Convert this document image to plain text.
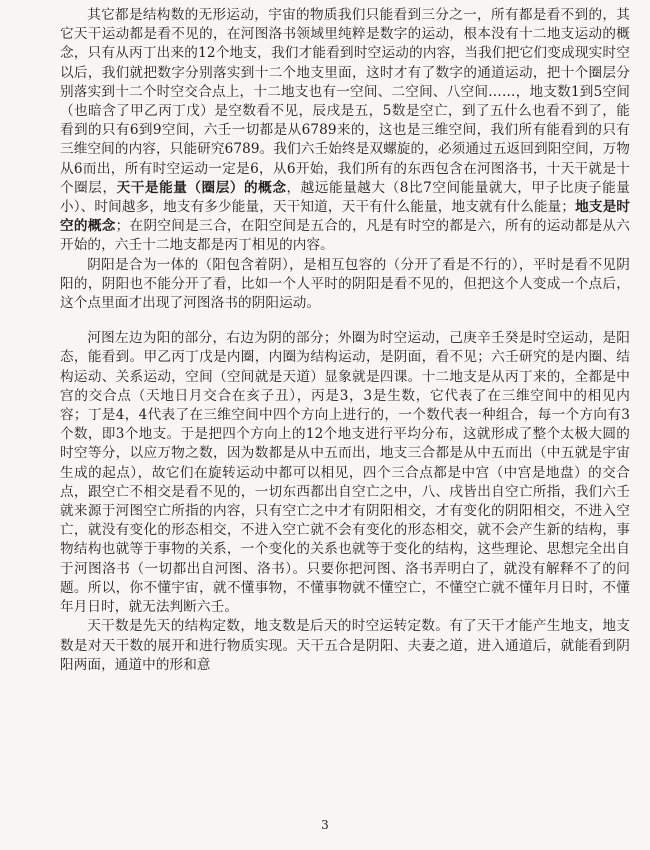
其它都是结构数的无形运动，宇宙的物质我们只能看到三分之一，所有都是看不到的，其它天干运动都是看不见的，在河图洛书领域里纯粹是数字的运动，根本没有十二地支运动的概念，只有从丙丁出来的12个地支，我们才能看到时空运动的内容，当我们把它们变成现实时空以后，我们就把数字分别落实到十二个地支里面，这时才有了数字的通道运动，把十个圈层分别落实到十二个时空交合点上，十二地支也有一空间、二空间、八空间……，地支数1到5空间（也暗含了甲乙丙丁戊）是空数看不见，辰戌是五，5数是空亡，到了五什么也看不到了，能看到的只有6到9空间，六壬一切都是从6789来的，这也是三维空间，我们所有能看到的只有三维空间的内容，只能研究6789。我们六壬始终是双螺旋的，必须通过五返回到阳空间，万物从6而出，所有时空运动一定是6，从6开始，我们所有的东西包含在河图洛书，十天干就是十个圈层，天干是能量（圈层）的概念，越远能量越大（8比7空间能量就大，甲子比庚子能量小）、时间越多，地支有多少能量，天干知道，天干有什么能量，地支就有什么能量；地支是时空的概念；在阴空间是三合，在阳空间是五合的，凡是有时空的都是六，所有的运动都是从六开始的，六壬十二地支都是丙丁相见的内容。

阴阳是合为一体的（阳包含着阴），是相互包容的（分开了看是不行的），平时是看不见阴阳的，阴阳也不能分开了看，比如一个人平时的阴阳是看不见的，但把这个人变成一个点后，这个点里面才出现了河图洛书的阴阳运动。

河图左边为阳的部分，右边为阴的部分；外圈为时空运动，己庚辛壬癸是时空运动，是阳态，能看到。甲乙丙丁戊是内圈，内圈为结构运动，是阴面，看不见；六壬研究的是内圈、结构运动、关系运动，空间（空间就是天道）显象就是四课。十二地支是从丙丁来的，全都是中宫的交合点（天地日月交合在亥子丑），丙是3，3是生数，它代表了在三维空间中的相见内容；丁是4，4代表了在三维空间中四个方向上进行的，一个数代表一种组合，每一个方向有3个数，即3个地支。于是把四个方向上的12个地支进行平均分布，这就形成了整个太极大圆的时空等分，以应万物之数，因为数都是从中五而出，地支三合都是从中五而出（中五就是宇宙生成的起点），故它们在旋转运动中都可以相见，四个三合点都是中宫（中宫是地盘）的交合点，跟空亡不相交是看不见的，一切东西都出自空亡之中，八、戌皆出自空亡所指，我们六壬就来源于河图空亡所指的内容，只有空亡之中才有阴阳相交，才有变化的阴阳相交，不进入空亡，就没有变化的形态相交，不进入空亡就不会有变化的形态相交，就不会产生新的结构，事物结构也就等于事物的关系，一个变化的关系也就等于变化的结构，这些理论、思想完全出自于河图洛书（一切都出自河图、洛书）。只要你把河图、洛书弄明白了，就没有解释不了的问题。所以，你不懂宇宙，就不懂事物，不懂事物就不懂空亡，不懂空亡就不懂年月日时，不懂年月日时，就无法判断六壬。

天干数是先天的结构定数，地支数是后天的时空运转定数。有了天干才能产生地支，地支数是对天干数的展开和进行物质实现。天干五合是阴阳、夫妻之道，进入通道后，就能看到阴阳两面，通道中的形和意

3
